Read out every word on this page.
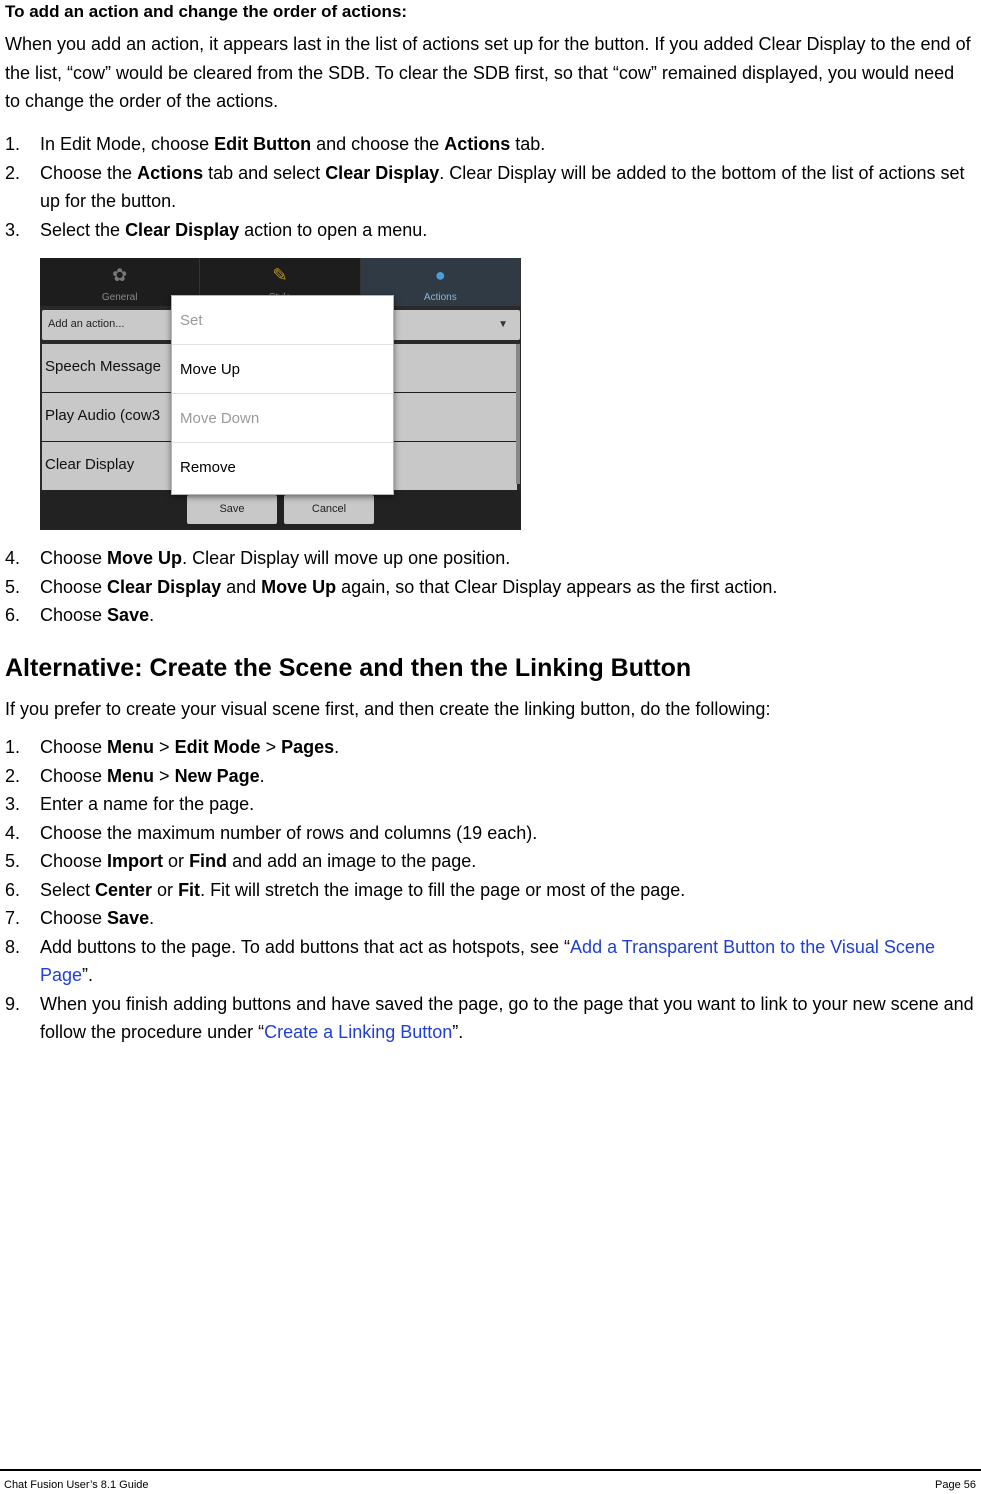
To add an action and change the order of actions:
When you add an action, it appears last in the list of actions set up for the button. If you added Clear Display to the end of the list, “cow” would be cleared from the SDB. To clear the SDB first, so that “cow” remained displayed, you would need to change the order of the actions.
1. In Edit Mode, choose Edit Button and choose the Actions tab.
2. Choose the Actions tab and select Clear Display. Clear Display will be added to the bottom of the list of actions set up for the button.
3. Select the Clear Display action to open a menu.
✿
General
✎	●
Actions
Add an action...	▼
Speech Message
Play Audio (cow3
Clear Display
Save	Cancel
Set
Move Up
Move Down
Remove
4. Choose Move Up. Clear Display will move up one position.
5. Choose Clear Display and Move Up again, so that Clear Display appears as the first action.
6. Choose Save.
Alternative: Create the Scene and then the Linking Button
If you prefer to create your visual scene first, and then create the linking button, do the following:
1. Choose Menu > Edit Mode > Pages.
2. Choose Menu > New Page.
3. Enter a name for the page.
4. Choose the maximum number of rows and columns (19 each).
5. Choose Import or Find and add an image to the page.
6. Select Center or Fit. Fit will stretch the image to fill the page or most of the page.
7. Choose Save.
8. Add buttons to the page. To add buttons that act as hotspots, see “Add a Transparent Button to the Visual Scene Page”.
9. When you finish adding buttons and have saved the page, go to the page that you want to link to your new scene and follow the procedure under “Create a Linking Button”.
Chat Fusion User’s 8.1 Guide	Page 56
